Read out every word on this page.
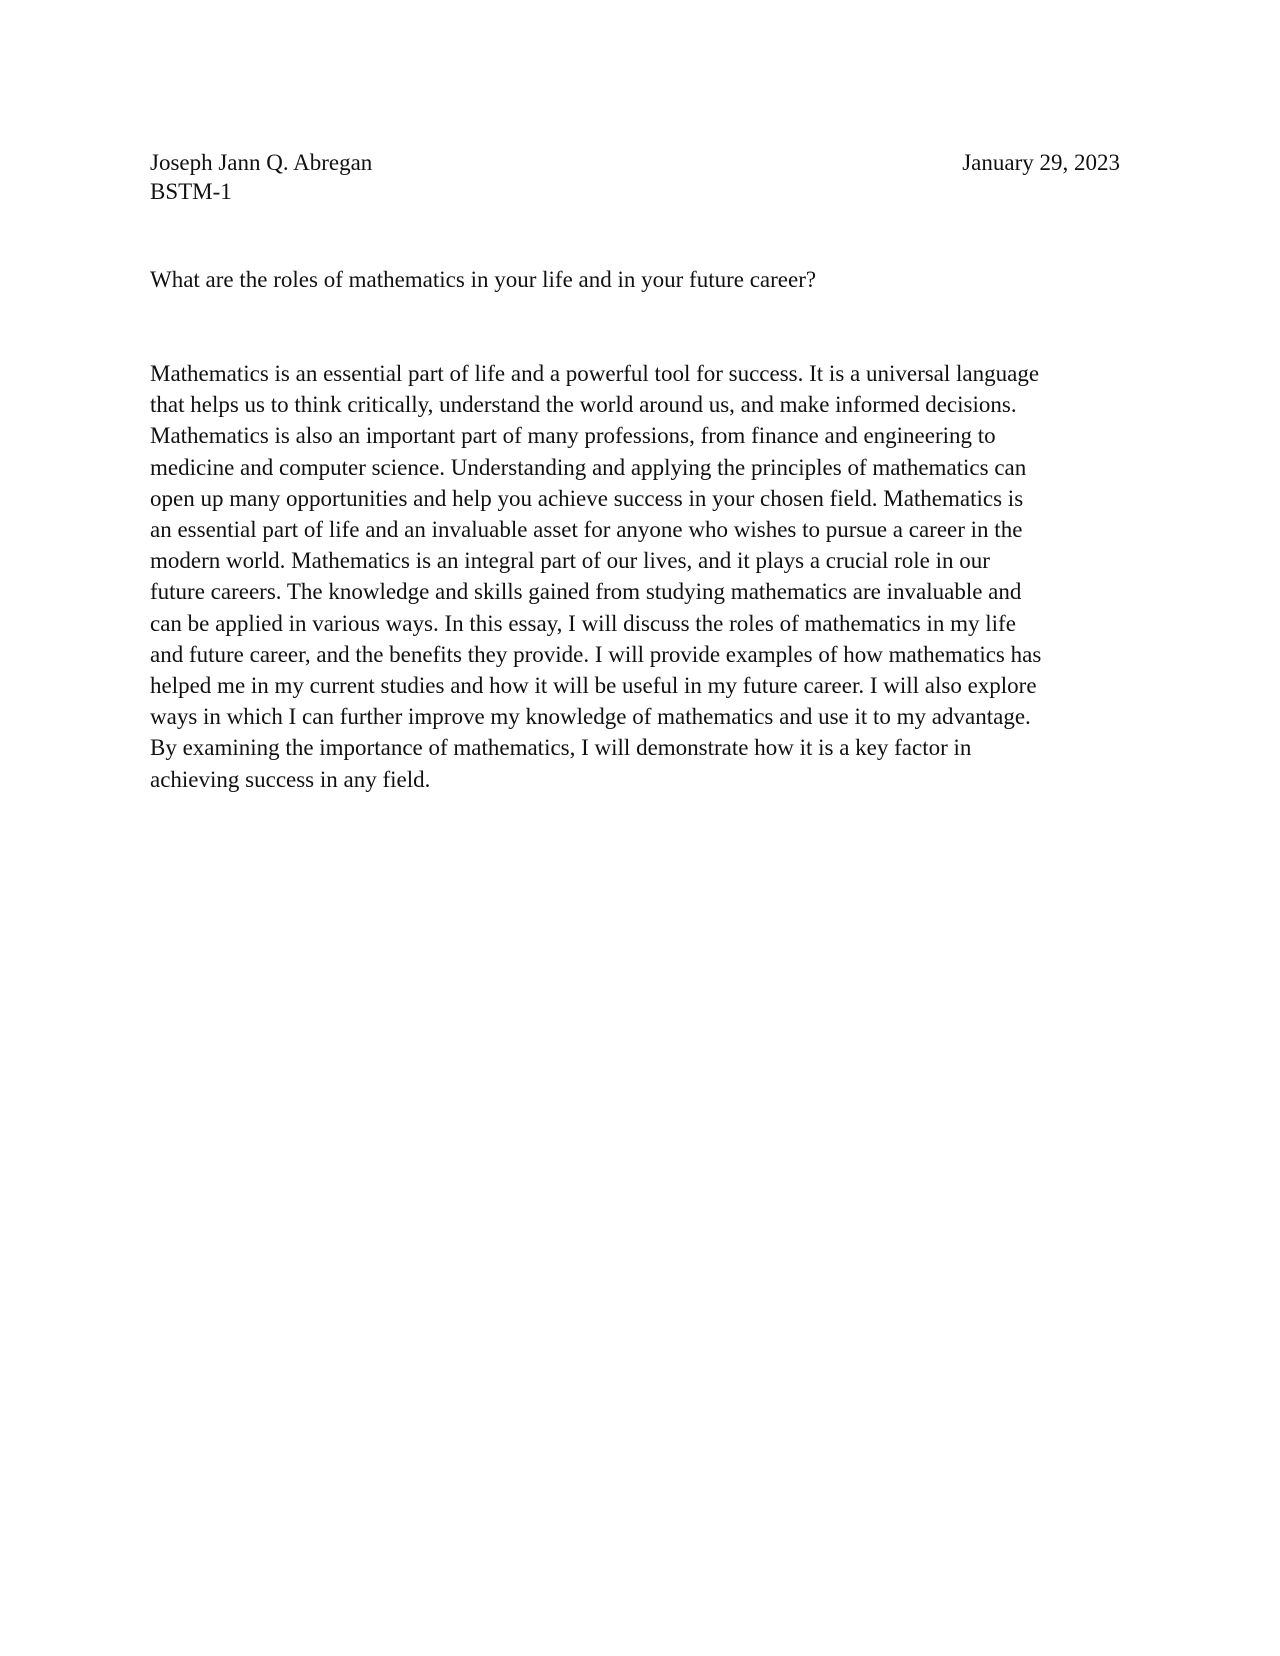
Joseph Jann Q. Abregan	January 29, 2023
BSTM-1

What are the roles of mathematics in your life and in your future career?

Mathematics is an essential part of life and a powerful tool for success. It is a universal language
that helps us to think critically, understand the world around us, and make informed decisions.
Mathematics is also an important part of many professions, from finance and engineering to
medicine and computer science. Understanding and applying the principles of mathematics can
open up many opportunities and help you achieve success in your chosen field. Mathematics is
an essential part of life and an invaluable asset for anyone who wishes to pursue a career in the
modern world. Mathematics is an integral part of our lives, and it plays a crucial role in our
future careers. The knowledge and skills gained from studying mathematics are invaluable and
can be applied in various ways. In this essay, I will discuss the roles of mathematics in my life
and future career, and the benefits they provide. I will provide examples of how mathematics has
helped me in my current studies and how it will be useful in my future career. I will also explore
ways in which I can further improve my knowledge of mathematics and use it to my advantage.
By examining the importance of mathematics, I will demonstrate how it is a key factor in
achieving success in any field.
